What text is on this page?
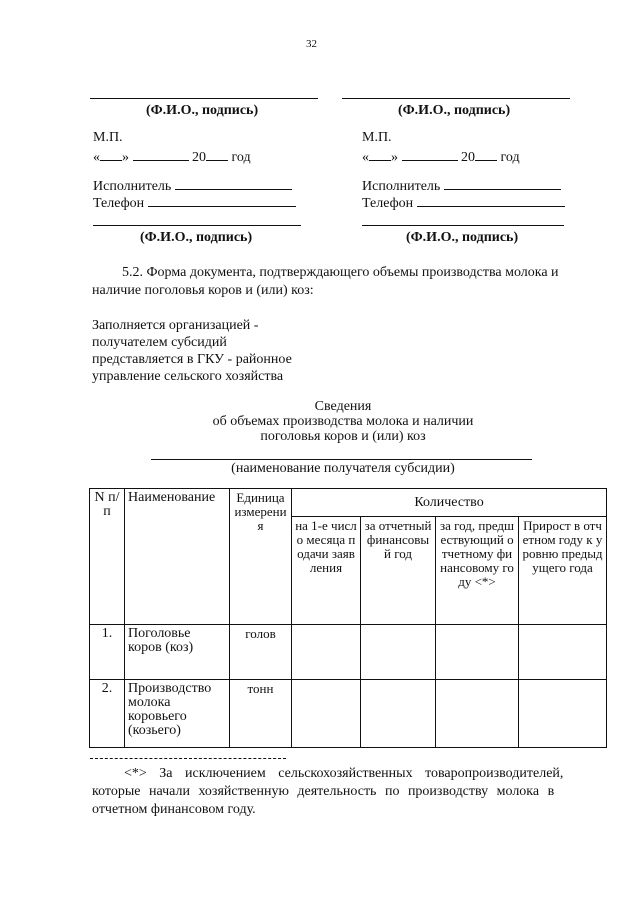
32
(Ф.И.О., подпись)	(Ф.И.О., подпись)
М.П.
« »	20 год
Исполнитель
Телефон
(Ф.И.О., подпись)
М.П.
« »	20 год
Исполнитель
Телефон
(Ф.И.О., подпись)
5.2. Форма документа, подтверждающего объемы производства молока и
наличие поголовья коров и (или) коз:
Заполняется организацией -
получателем субсидий
представляется в ГКУ - районное
управление сельского хозяйства
Сведения
об объемах производства молока и наличии
поголовья коров и (или) коз
(наименование получателя субсидии)
N п/п	Наименование	Единица измерения	Количество			
			на 1-е число месяца подачи заявления	за отчетный финансовый год	за год, предшествующий отчетному финансовому году <*>	Прирост в отчетном году к уровню предыдущего года
1.	Поголовье коров (коз)	голов				
2.	Производство молока коровьего (козьего)	тонн				
<*> За исключением сельскохозяйственных товаропроизводителей,
которые начали хозяйственную деятельность по производству молока в
отчетном финансовом году.
